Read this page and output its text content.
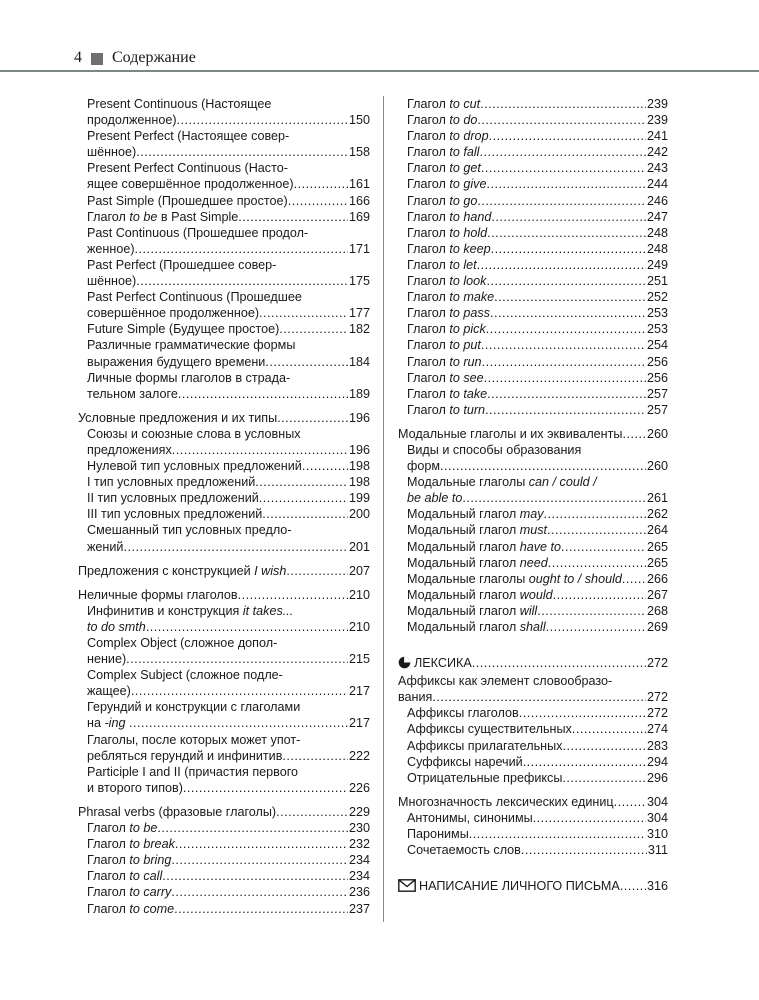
4 Содержание
Present Continuous (Настоящее
продолженное) .....	150
Present Perfect (Настоящее совер-
шённое) .....	158
Present Perfect Continuous (Насто-
ящее совершённое продолженное) .....	161
Past Simple (Прошедшее простое) .....	166
Глагол to be в Past Simple .....	169
Past Continuous (Прошедшее продол-
женное) .....	171
Past Perfect (Прошедшее совер-
шённое) .....	175
Past Perfect Continuous (Прошедшее
совершённое продолженное) .....	177
Future Simple (Будущее простое) .....	182
Различные грамматические формы
выражения будущего времени .....	184
Личные формы глаголов в страда-
тельном залоге .....	189
Условные предложения и их типы .....	196
Союзы и союзные слова в условных
предложениях .....	196
Нулевой тип условных предложений .....	198
I тип условных предложений .....	198
II тип условных предложений .....	199
III тип условных предложений .....	200
Смешанный тип условных предло-
жений .....	201
Предложения с конструкцией I wish .....	207
Неличные формы глаголов .....	210
Инфинитив и конструкция it takes...
to do smth .....	210
Complex Object (сложное допол-
нение) .....	215
Complex Subject (сложное подле-
жащее) .....	217
Герундий и конструкции с глаголами
на -ing .....	217
Глаголы, после которых может упот-
ребляться герундий и инфинитив .....	222
Participle I and II (причастия первого
и второго типов) .....	226
Phrasal verbs (фразовые глаголы) .....	229
Глагол to be .....	230
Глагол to break .....	232
Глагол to bring .....	234
Глагол to call .....	234
Глагол to carry .....	236
Глагол to come .....	237
Глагол to cut .....	239
Глагол to do .....	239
Глагол to drop .....	241
Глагол to fall .....	242
Глагол to get .....	243
Глагол to give .....	244
Глагол to go .....	246
Глагол to hand .....	247
Глагол to hold .....	248
Глагол to keep .....	248
Глагол to let .....	249
Глагол to look .....	251
Глагол to make .....	252
Глагол to pass .....	253
Глагол to pick .....	253
Глагол to put .....	254
Глагол to run .....	256
Глагол to see .....	256
Глагол to take .....	257
Глагол to turn .....	257
Модальные глаголы и их эквиваленты ..... 260
Виды и способы образования
форм .....	260
Модальные глаголы can / could /
be able to .....	261
Модальный глагол may .....	262
Модальный глагол must .....	264
Модальный глагол have to .....	265
Модальный глагол need .....	265
Модальные глаголы ought to / should ..... 266
Модальный глагол would .....	267
Модальный глагол will .....	268
Модальный глагол shall .....	269
ЛЕКСИКА .....	272
Аффиксы как элемент словообразо-
вания .....	272
Аффиксы глаголов .....	272
Аффиксы существительных .....	274
Аффиксы прилагательных .....	283
Суффиксы наречий .....	294
Отрицательные префиксы .....	296
Многозначность лексических единиц .....	304
Антонимы, синонимы .....	304
Паронимы .....	310
Сочетаемость слов .....	311
НАПИСАНИЕ ЛИЧНОГО ПИСЬМА ..... 316
